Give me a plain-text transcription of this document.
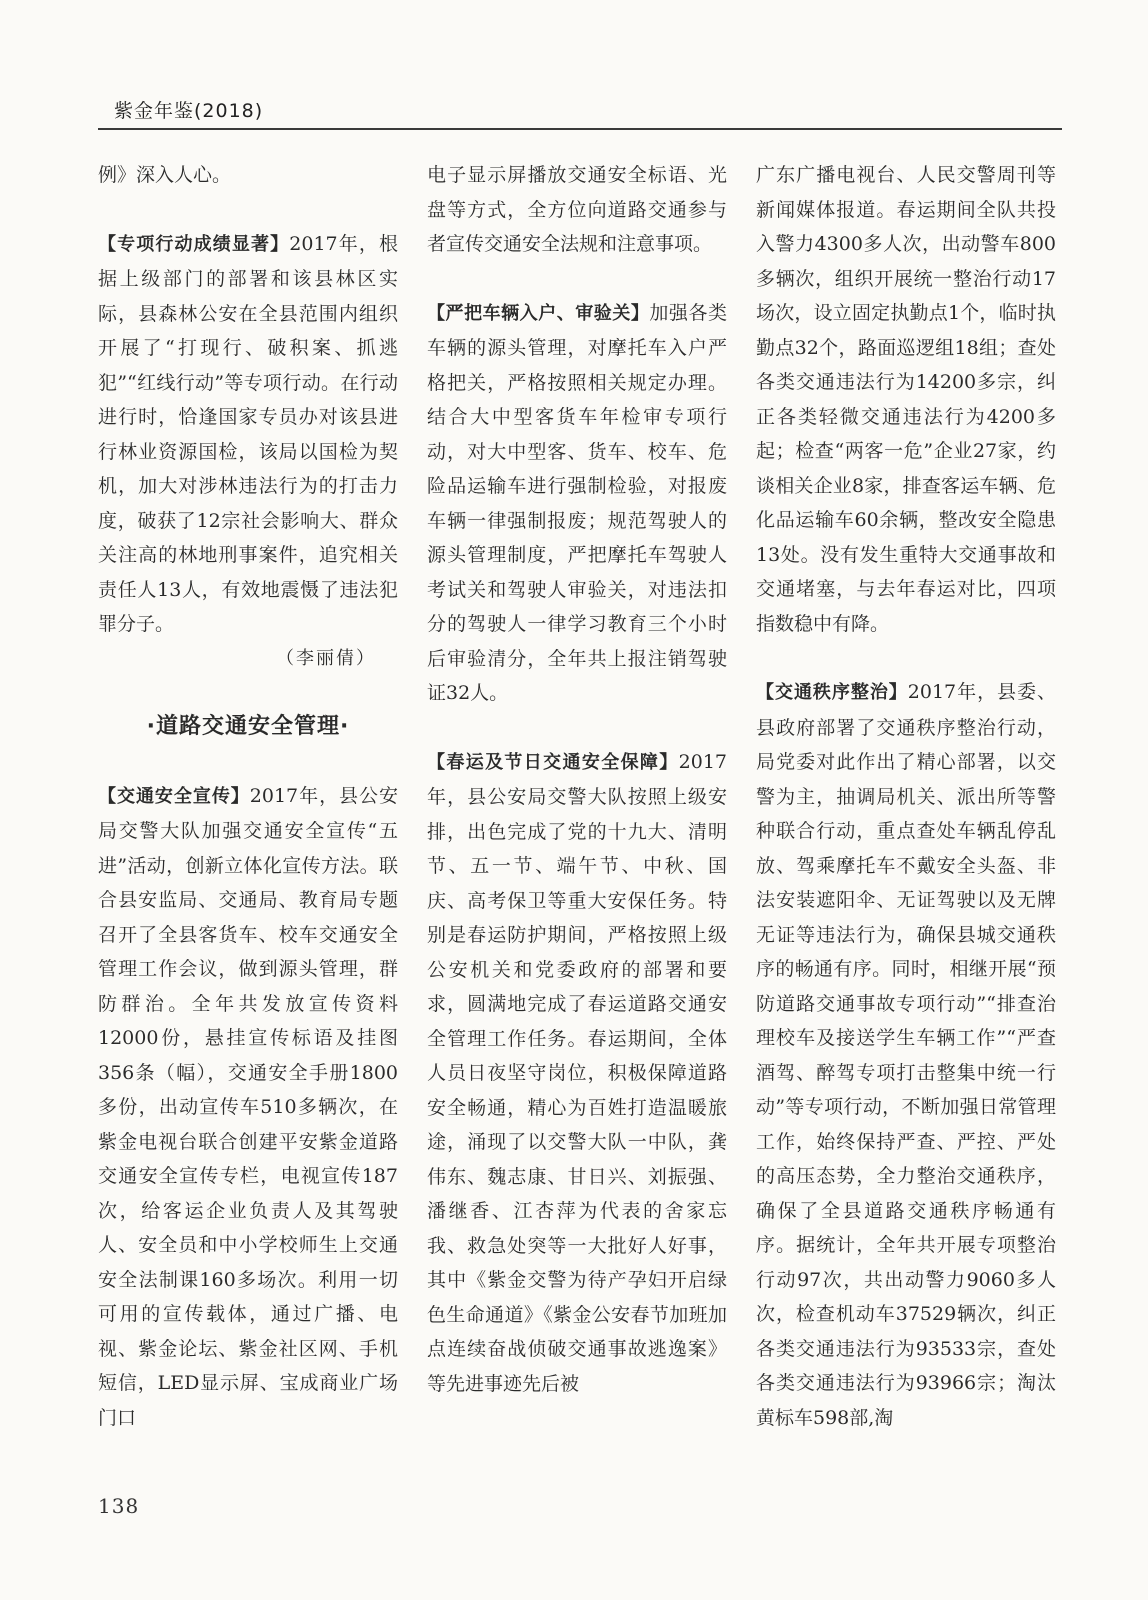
紫金年鉴(2018)

例》深入人心。

【专项行动成绩显著】2017年，根据上级部门的部署和该县林区实际，县森林公安在全县范围内组织开展了“打现行、破积案、抓逃犯”“红线行动”等专项行动。在行动进行时，恰逢国家专员办对该县进行林业资源国检，该局以国检为契机，加大对涉林违法行为的打击力度，破获了12宗社会影响大、群众关注高的林地刑事案件，追究相关责任人13人，有效地震慑了违法犯罪分子。

（李丽倩）

·道路交通安全管理·

【交通安全宣传】2017年，县公安局交警大队加强交通安全宣传“五进”活动，创新立体化宣传方法。联合县安监局、交通局、教育局专题召开了全县客货车、校车交通安全管理工作会议，做到源头管理，群防群治。全年共发放宣传资料12000份，悬挂宣传标语及挂图356条（幅），交通安全手册1800多份，出动宣传车510多辆次，在紫金电视台联合创建平安紫金道路交通安全宣传专栏，电视宣传187次，给客运企业负责人及其驾驶人、安全员和中小学校师生上交通安全法制课160多场次。利用一切可用的宣传载体，通过广播、电视、紫金论坛、紫金社区网、手机短信，LED显示屏、宝成商业广场门口

电子显示屏播放交通安全标语、光盘等方式，全方位向道路交通参与者宣传交通安全法规和注意事项。

【严把车辆入户、审验关】加强各类车辆的源头管理，对摩托车入户严格把关，严格按照相关规定办理。结合大中型客货车年检审专项行动，对大中型客、货车、校车、危险品运输车进行强制检验，对报废车辆一律强制报废；规范驾驶人的源头管理制度，严把摩托车驾驶人考试关和驾驶人审验关，对违法扣分的驾驶人一律学习教育三个小时后审验清分，全年共上报注销驾驶证32人。

【春运及节日交通安全保障】2017年，县公安局交警大队按照上级安排，出色完成了党的十九大、清明节、五一节、端午节、中秋、国庆、高考保卫等重大安保任务。特别是春运防护期间，严格按照上级公安机关和党委政府的部署和要求，圆满地完成了春运道路交通安全管理工作任务。春运期间，全体人员日夜坚守岗位，积极保障道路安全畅通，精心为百姓打造温暖旅途，涌现了以交警大队一中队，龚伟东、魏志康、甘日兴、刘振强、潘继香、江杏萍为代表的舍家忘我、救急处突等一大批好人好事，其中《紫金交警为待产孕妇开启绿色生命通道》《紫金公安春节加班加点连续奋战侦破交通事故逃逸案》等先进事迹先后被

广东广播电视台、人民交警周刊等新闻媒体报道。春运期间全队共投入警力4300多人次，出动警车800多辆次，组织开展统一整治行动17场次，设立固定执勤点1个，临时执勤点32个，路面巡逻组18组；查处各类交通违法行为14200多宗，纠正各类轻微交通违法行为4200多起；检查“两客一危”企业27家，约谈相关企业8家，排查客运车辆、危化品运输车60余辆，整改安全隐患13处。没有发生重特大交通事故和交通堵塞，与去年春运对比，四项指数稳中有降。

【交通秩序整治】2017年，县委、县政府部署了交通秩序整治行动，局党委对此作出了精心部署，以交警为主，抽调局机关、派出所等警种联合行动，重点查处车辆乱停乱放、驾乘摩托车不戴安全头盔、非法安装遮阳伞、无证驾驶以及无牌无证等违法行为，确保县城交通秩序的畅通有序。同时，相继开展“预防道路交通事故专项行动”“排查治理校车及接送学生车辆工作”“严查酒驾、醉驾专项打击整集中统一行动”等专项行动，不断加强日常管理工作，始终保持严查、严控、严处的高压态势，全力整治交通秩序，确保了全县道路交通秩序畅通有序。据统计，全年共开展专项整治行动97次，共出动警力9060多人次，检查机动车37529辆次，纠正各类交通违法行为93533宗，查处各类交通违法行为93966宗；淘汰黄标车598部,淘

138
